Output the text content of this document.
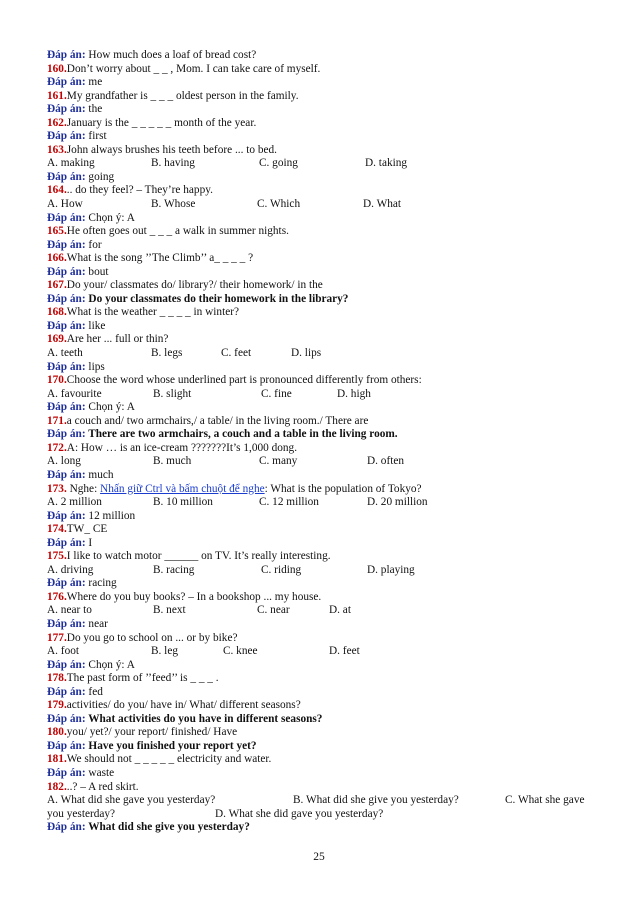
Đáp án: How much does a loaf of bread cost?
160.Don’t worry about _ _ , Mom. I can take care of myself.
Đáp án: me
161.My grandfather is _ _ _ oldest person in the family.
Đáp án: the
162.January is the _ _ _ _ _ month of the year.
Đáp án: first
163.John always brushes his teeth before ... to bed.
A. making	B. having	C. going	D. taking
Đáp án: going
164... do they feel? – They’re happy.
A. How	B. Whose	C. Which	D. What
Đáp án: Chọn ý: A
165.He often goes out _ _ _ a walk in summer nights.
Đáp án: for
166.What is the song ’’The Climb’’ a_ _ _ _ ?
Đáp án: bout
167.Do your/ classmates do/ library?/ their homework/ in the
Đáp án: Do your classmates do their homework in the library?
168.What is the weather _ _ _ _ in winter?
Đáp án: like
169.Are her ... full or thin?
A. teeth	B. legs	C. feet	D. lips
Đáp án: lips
170.Choose the word whose underlined part is pronounced differently from others:
A. favourite	B. slight	C. fine	D. high
Đáp án: Chọn ý: A
171.a couch and/ two armchairs,/ a table/ in the living room./ There are
Đáp án: There are two armchairs, a couch and a table in the living room.
172.A: How … is an ice-cream ???????It’s 1,000 dong.
A. long	B. much	C. many	D. often
Đáp án: much
173. Nghe: Nhấn giữ Ctrl và bấm chuột để nghe: What is the population of Tokyo?
A. 2 million	B. 10 million	C. 12 million	D. 20 million
Đáp án: 12 million
174.TW_ CE
Đáp án: I
175.I like to watch motor ______ on TV. It’s really interesting.
A. driving	B. racing	C. riding	D. playing
Đáp án: racing
176.Where do you buy books? – In a bookshop ... my house.
A. near to	B. next	C. near	D. at
Đáp án: near
177.Do you go to school on ... or by bike?
A. foot	B. leg	C. knee	D. feet
Đáp án: Chọn ý: A
178.The past form of ’’feed’’ is _ _ _ .
Đáp án: fed
179.activities/ do you/ have in/ What/ different seasons?
Đáp án: What activities do you have in different seasons?
180.you/ yet?/ your report/ finished/ Have
Đáp án: Have you finished your report yet?
181.We should not _ _ _ _ _ electricity and water.
Đáp án: waste
182...? – A red skirt.
A. What did she gave you yesterday?	B. What did she give you yesterday?	C. What she gave
you yesterday?	D. What she did gave you yesterday?
Đáp án: What did she give you yesterday?
25
